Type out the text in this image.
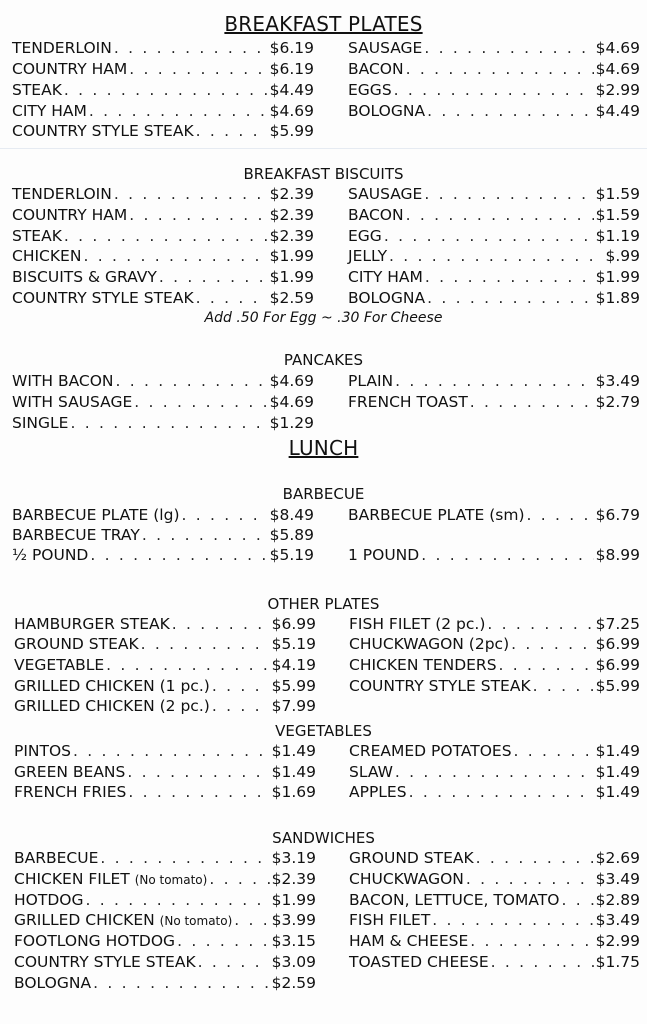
BREAKFAST PLATES
TENDERLOIN . . .	$6.19
COUNTRY HAM . . .	$6.19
STEAK . . .	$4.49
CITY HAM . . .	$4.69
COUNTRY STYLE STEAK . . .	$5.99
SAUSAGE . . .	$4.69
BACON . . .	$4.69
EGGS . . .	$2.99
BOLOGNA . . .	$4.49
BREAKFAST BISCUITS
TENDERLOIN . . .	$2.39
COUNTRY HAM . . .	$2.39
STEAK . . .	$2.39
CHICKEN . . .	$1.99
BISCUITS & GRAVY . . .	$1.99
COUNTRY STYLE STEAK . . .	$2.59
SAUSAGE . . .	$1.59
BACON . . .	$1.59
EGG . . .	$1.19
JELLY . . .	$.99
CITY HAM . . .	$1.99
BOLOGNA . . .	$1.89
Add .50 For Egg ~ .30 For Cheese
PANCAKES
WITH BACON . . .	$4.69
WITH SAUSAGE . . .	$4.69
SINGLE . . .	$1.29
PLAIN . . .	$3.49
FRENCH TOAST . . .	$2.79
LUNCH
BARBECUE
BARBECUE PLATE (lg) . . .	$8.49
BARBECUE TRAY . . .	$5.89
½ POUND . . .	$5.19
BARBECUE PLATE (sm) . . .	$6.79
1 POUND . . .	$8.99
OTHER PLATES
HAMBURGER STEAK . . .	$6.99
GROUND STEAK . . .	$5.19
VEGETABLE . . .	$4.19
GRILLED CHICKEN (1 pc.) . . .	$5.99
GRILLED CHICKEN (2 pc.) . . .	$7.99
FISH FILET (2 pc.) . . .	$7.25
CHUCKWAGON (2pc) . . .	$6.99
CHICKEN TENDERS . . .	$6.99
COUNTRY STYLE STEAK . . .	$5.99
VEGETABLES
PINTOS . . .	$1.49
GREEN BEANS . . .	$1.49
FRENCH FRIES . . .	$1.69
CREAMED POTATOES . . .	$1.49
SLAW . . .	$1.49
APPLES . . .	$1.49
SANDWICHES
BARBECUE . . .	$3.19
CHICKEN FILET
(No tomato) . . .	$2.39
HOTDOG . . .	$1.99
GRILLED CHICKEN
(No tomato) . . .	$3.99
FOOTLONG HOTDOG . . .	$3.15
COUNTRY STYLE STEAK . . .	$3.09
BOLOGNA . . .	$2.59
GROUND STEAK . . .	$2.69
CHUCKWAGON . . .	$3.49
BACON, LETTUCE, TOMATO . . . $2.89
FISH FILET . . .	$3.49
HAM & CHEESE . . .	$2.99
TOASTED CHEESE . . .	$1.75
